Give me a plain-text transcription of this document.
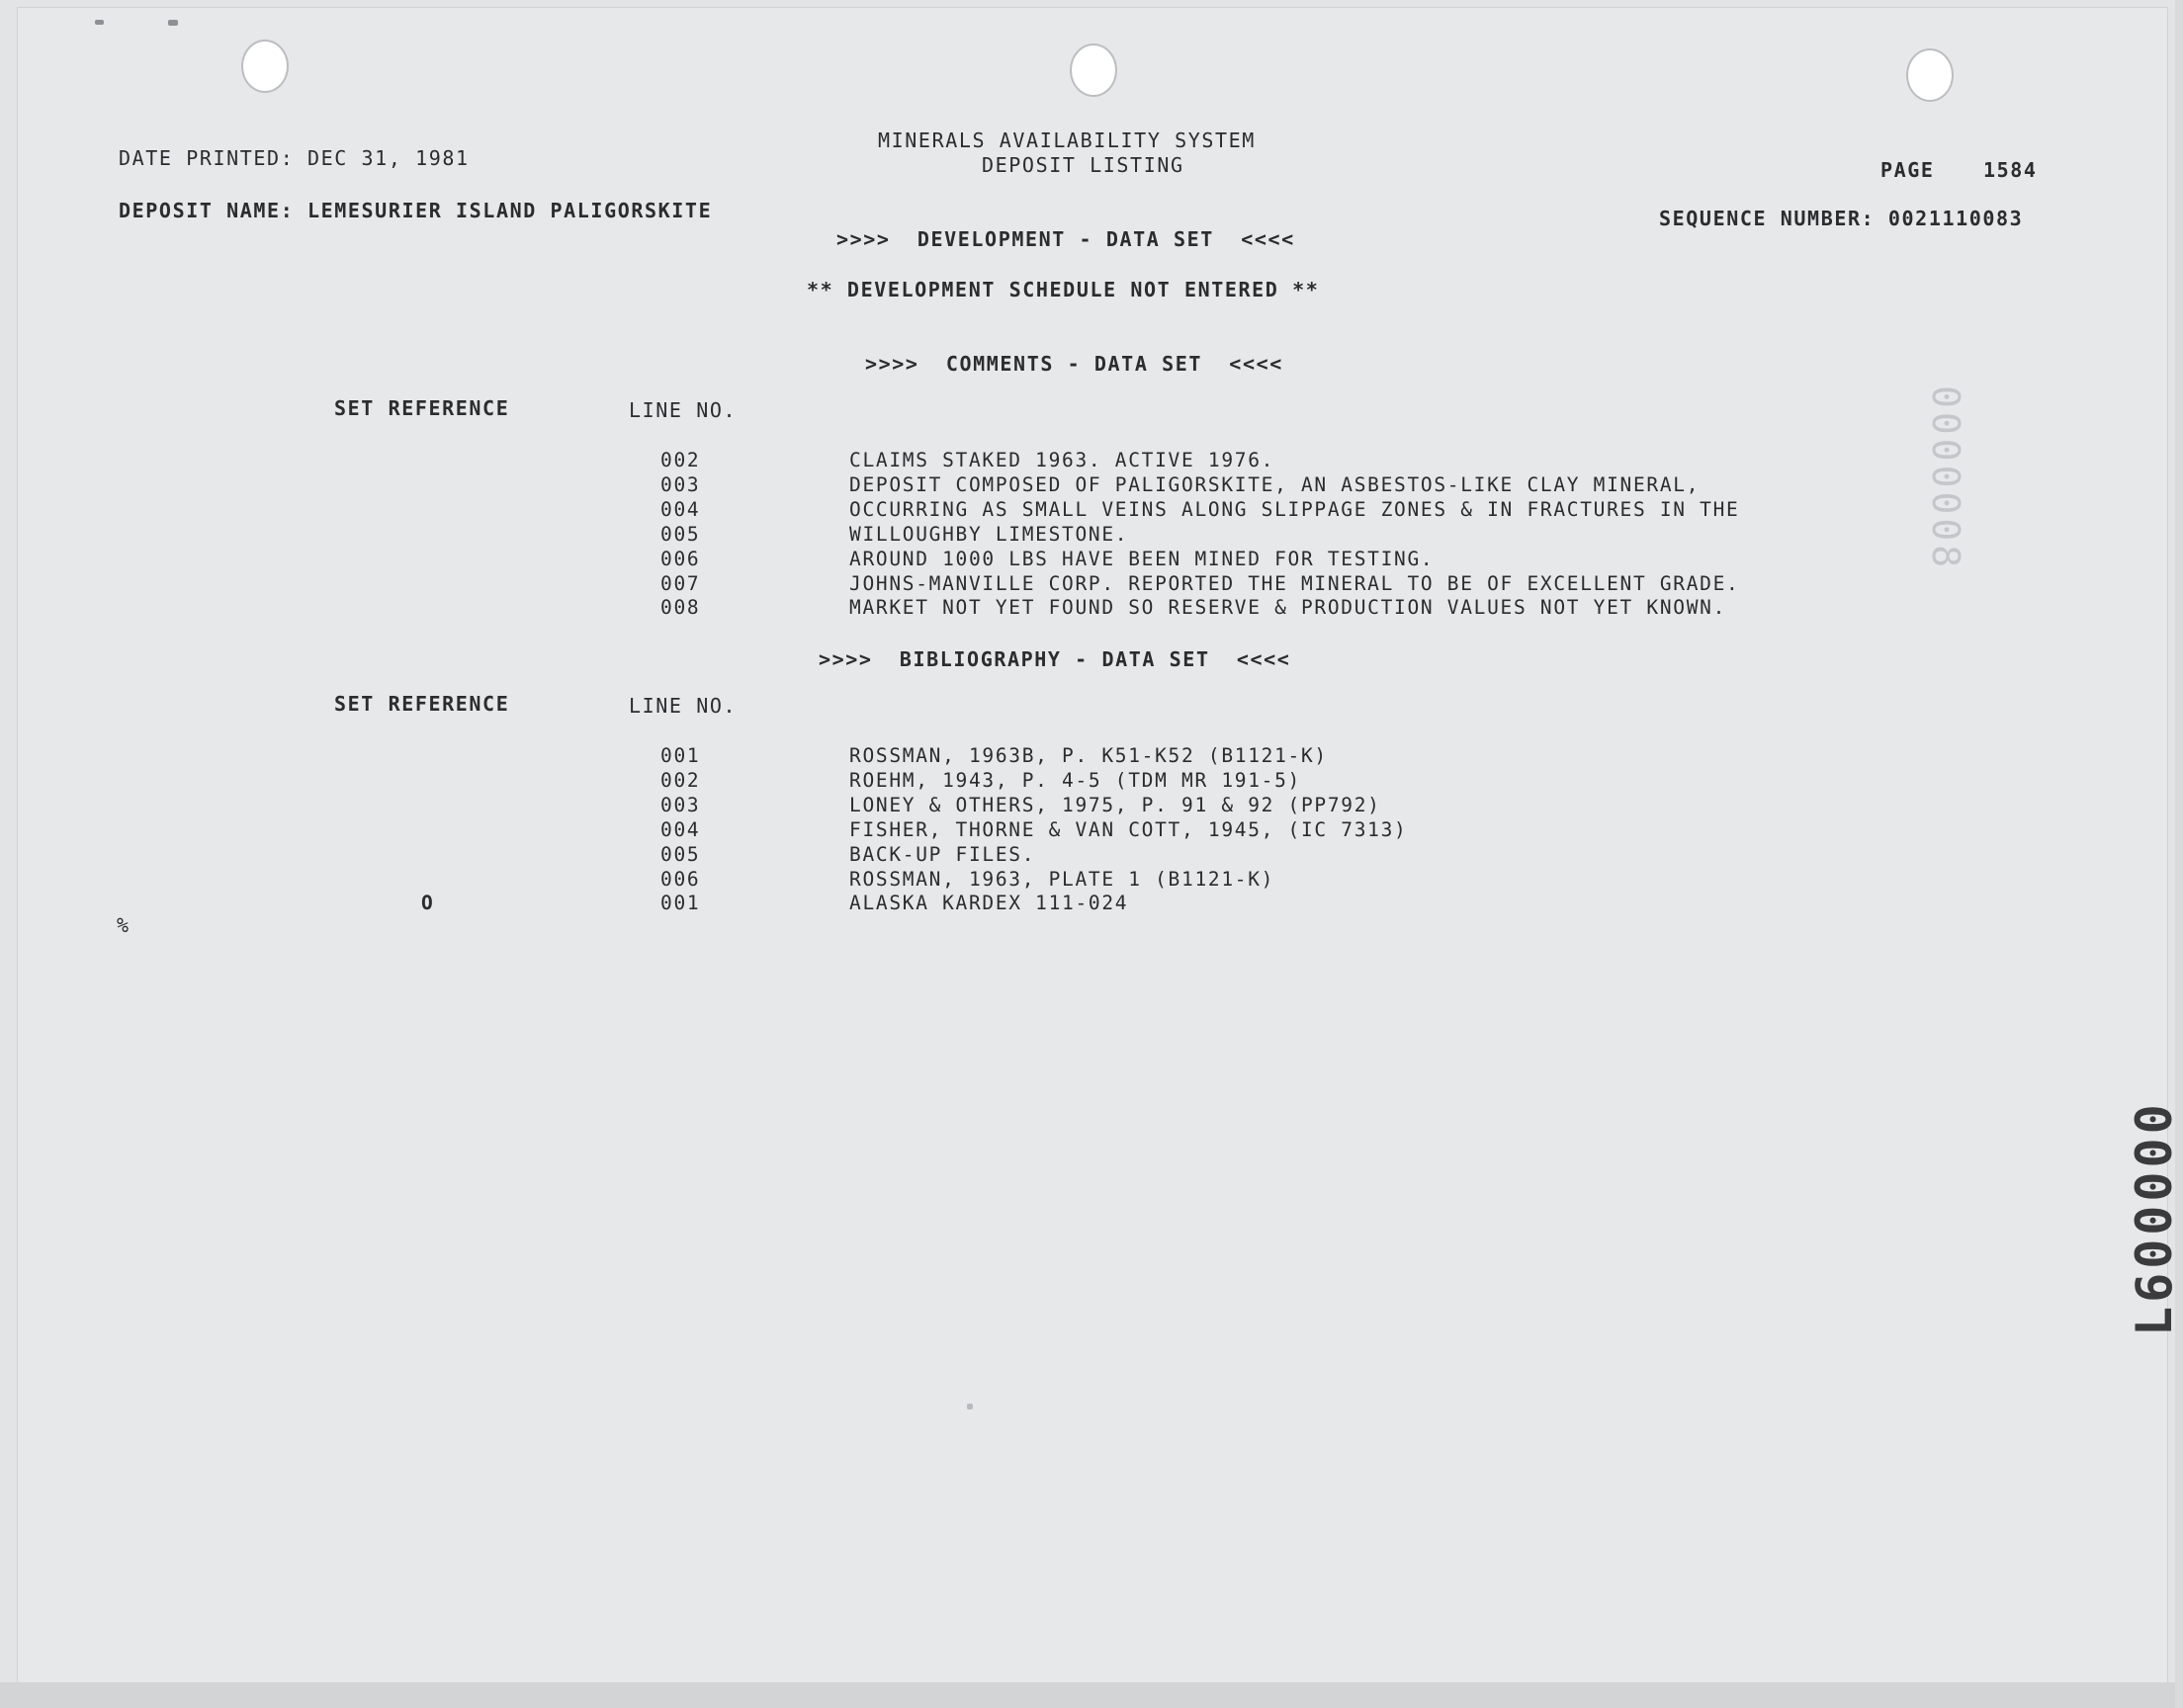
DATE PRINTED: DEC 31, 1981
MINERALS AVAILABILITY SYSTEM
DEPOSIT LISTING	PAGE 1584
DEPOSIT NAME: LEMESURIER ISLAND PALIGORSKITE	SEQUENCE NUMBER: 0021110083
>>>>  DEVELOPMENT - DATA SET  <<<<
** DEVELOPMENT SCHEDULE NOT ENTERED **
>>>>  COMMENTS - DATA SET  <<<<
SET REFERENCE	LINE NO.
002	CLAIMS STAKED 1963. ACTIVE 1976.
003	DEPOSIT COMPOSED OF PALIGORSKITE, AN ASBESTOS-LIKE CLAY MINERAL,
004	OCCURRING AS SMALL VEINS ALONG SLIPPAGE ZONES & IN FRACTURES IN THE
005	WILLOUGHBY LIMESTONE.
006	AROUND 1000 LBS HAVE BEEN MINED FOR TESTING.
007	JOHNS-MANVILLE CORP. REPORTED THE MINERAL TO BE OF EXCELLENT GRADE.
008	MARKET NOT YET FOUND SO RESERVE & PRODUCTION VALUES NOT YET KNOWN.
>>>>  BIBLIOGRAPHY - DATA SET  <<<<
SET REFERENCE	LINE NO.
001	ROSSMAN, 1963B, P. K51-K52 (B1121-K)
002	ROEHM, 1943, P. 4-5 (TDM MR 191-5)
003	LONEY & OTHERS, 1975, P. 91 & 92 (PP792)
004	FISHER, THORNE & VAN COTT, 1945, (IC 7313)
005	BACK-UP FILES.
006	ROSSMAN, 1963, PLATE 1 (B1121-K)
O	001	ALASKA KARDEX 111-024
%
0000008
L600000
